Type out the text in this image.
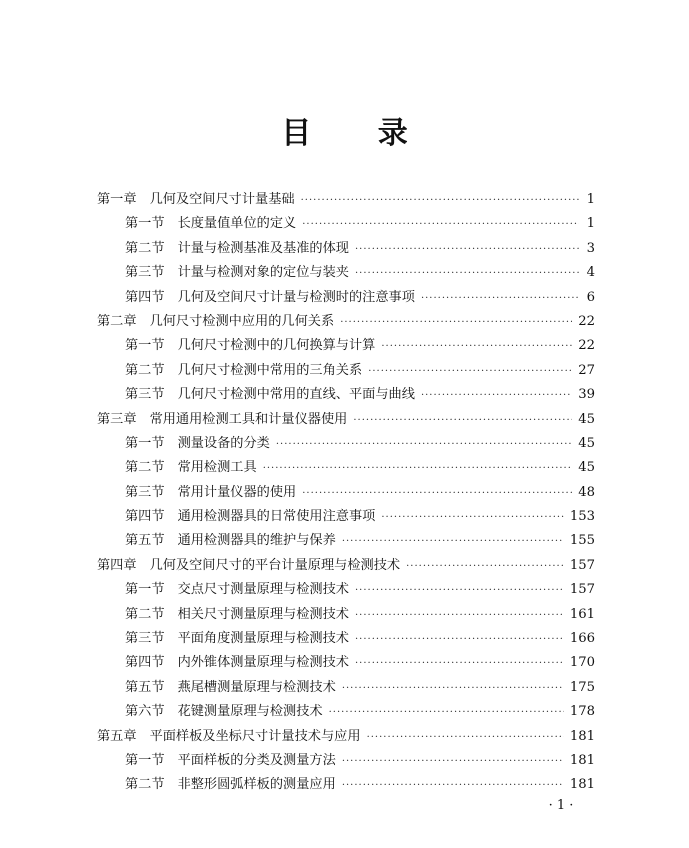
目 录
第一章 几何及空间尺寸计量基础 ·····	1
第一节 长度量值单位的定义 ·····	1
第二节 计量与检测基准及基准的体现 ·····	3
第三节 计量与检测对象的定位与装夹 ·····	4
第四节 几何及空间尺寸计量与检测时的注意事项 ·····	6
第二章 几何尺寸检测中应用的几何关系 ·····	22
第一节 几何尺寸检测中的几何换算与计算 ·····	22
第二节 几何尺寸检测中常用的三角关系 ·····	27
第三节 几何尺寸检测中常用的直线、平面与曲线 ·····	39
第三章 常用通用检测工具和计量仪器使用 ·····	45
第一节 测量设备的分类 ·····	45
第二节 常用检测工具 ·····	45
第三节 常用计量仪器的使用 ·····	48
第四节 通用检测器具的日常使用注意事项 ·····	153
第五节 通用检测器具的维护与保养 ·····	155
第四章 几何及空间尺寸的平台计量原理与检测技术 ·····	157
第一节 交点尺寸测量原理与检测技术 ·····	157
第二节 相关尺寸测量原理与检测技术 ·····	161
第三节 平面角度测量原理与检测技术 ·····	166
第四节 内外锥体测量原理与检测技术 ·····	170
第五节 燕尾槽测量原理与检测技术 ·····	175
第六节 花键测量原理与检测技术 ·····	178
第五章 平面样板及坐标尺寸计量技术与应用 ·····	181
第一节 平面样板的分类及测量方法 ·····	181
第二节 非整形圆弧样板的测量应用 ·····	181
· 1 ·
